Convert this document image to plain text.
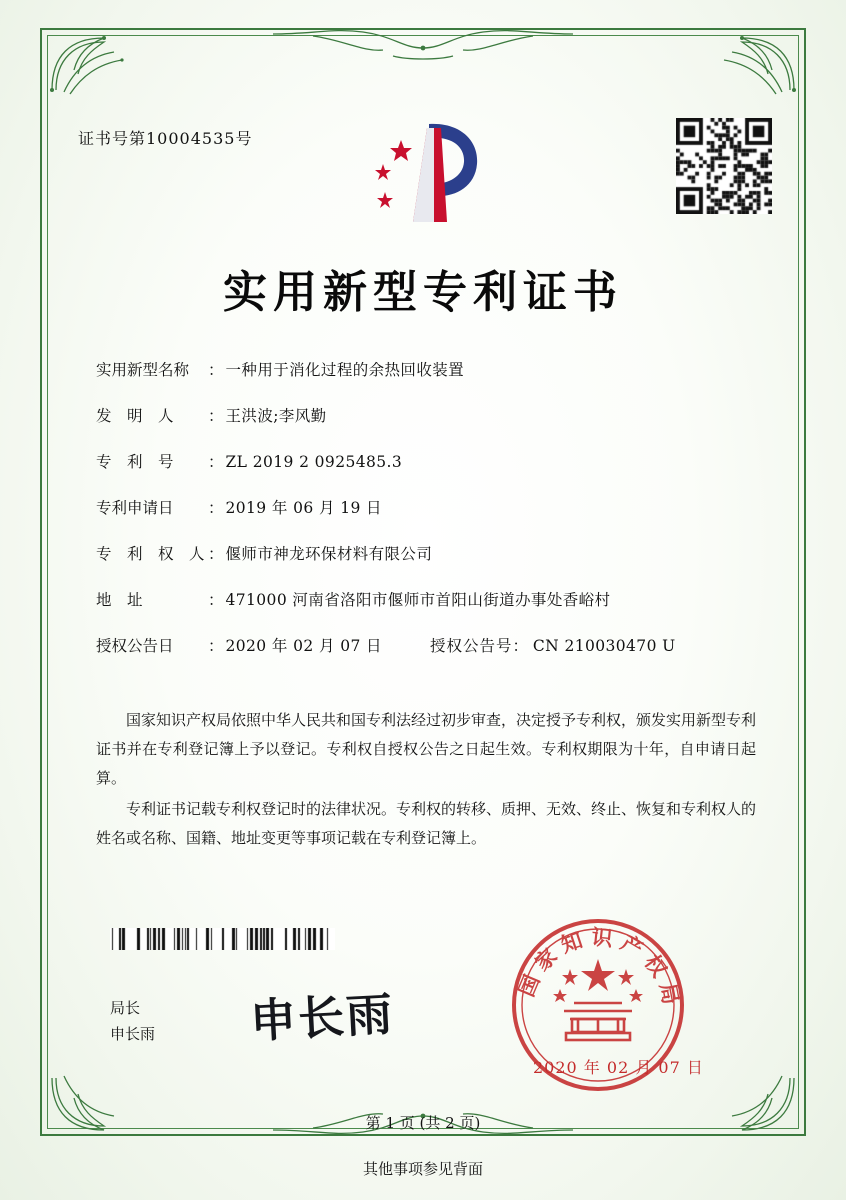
证书号第10004535号
实用新型专利证书
实用新型名称	： 一种用于消化过程的余热回收装置
发 明 人 ： 王洪波;李风勤
专 利 号 ： ZL 2019 2 0925485.3
专利申请日	： 2019 年 06 月 19 日
专 利 权 人 ： 偃师市神龙环保材料有限公司
地 址	： 471000 河南省洛阳市偃师市首阳山街道办事处香峪村
授权公告日	： 2020 年 02 月 07 日	授权公告号： CN 210030470 U

国家知识产权局依照中华人民共和国专利法经过初步审查，决定授予专利权，颁发实用新型专利证书并在专利登记簿上予以登记。专利权自授权公告之日起生效。专利权期限为十年，自申请日起算。

专利证书记载专利权登记时的法律状况。专利权的转移、质押、无效、终止、恢复和专利权人的姓名或名称、国籍、地址变更等事项记载在专利登记簿上。

局长
申长雨 申长雨
国家知识产权局
2020 年 02 月 07 日
第 1 页 (共 2 页)
其他事项参见背面
